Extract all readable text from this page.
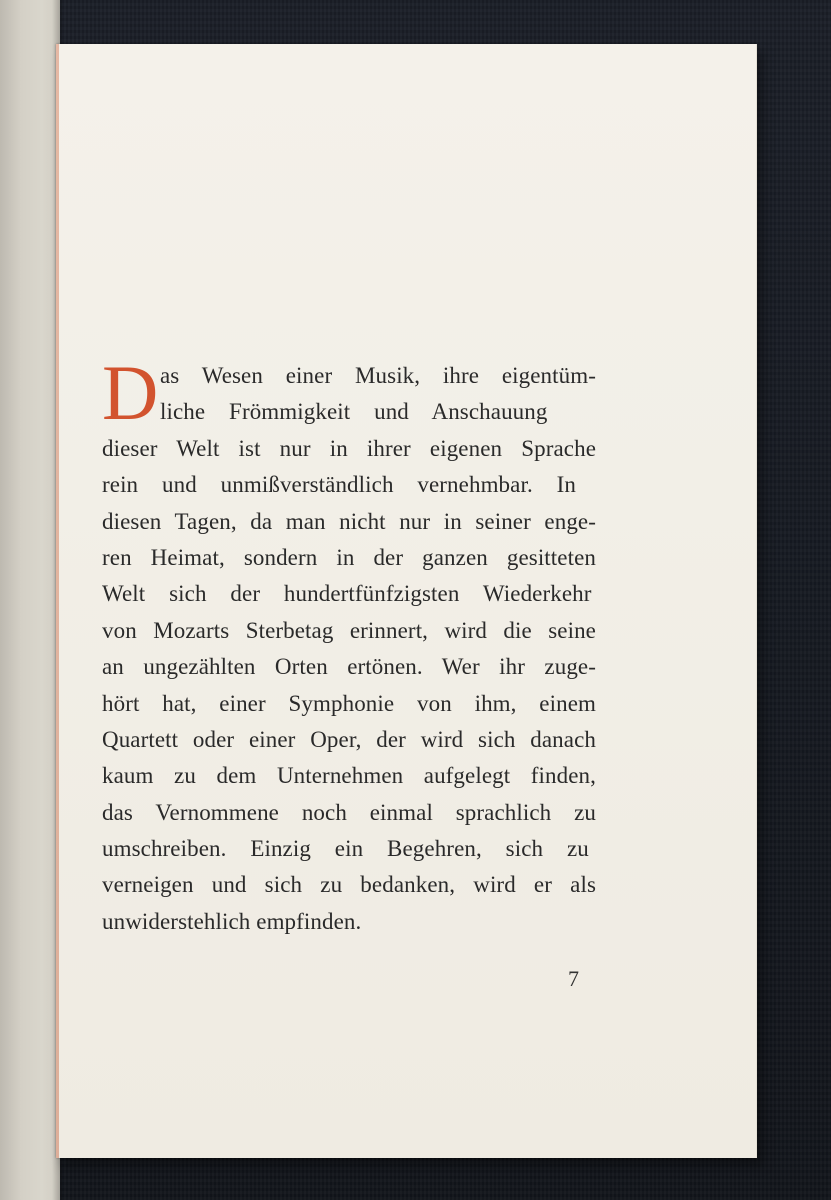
D as Wesen einer Musik, ihre eigentüm-
liche Frömmigkeit und Anschauung
dieser Welt ist nur in ihrer eigenen Sprache
rein und unmißverständlich vernehmbar. In
diesen Tagen, da man nicht nur in seiner enge-
ren Heimat, sondern in der ganzen gesitteten
Welt sich der hundertfünfzigsten Wiederkehr
von Mozarts Sterbetag erinnert, wird die seine
an ungezählten Orten ertönen. Wer ihr zuge-
hört hat, einer Symphonie von ihm, einem
Quartett oder einer Oper, der wird sich danach
kaum zu dem Unternehmen aufgelegt finden,
das Vernommene noch einmal sprachlich zu
umschreiben. Einzig ein Begehren, sich zu
verneigen und sich zu bedanken, wird er als
unwiderstehlich empfinden.
7
